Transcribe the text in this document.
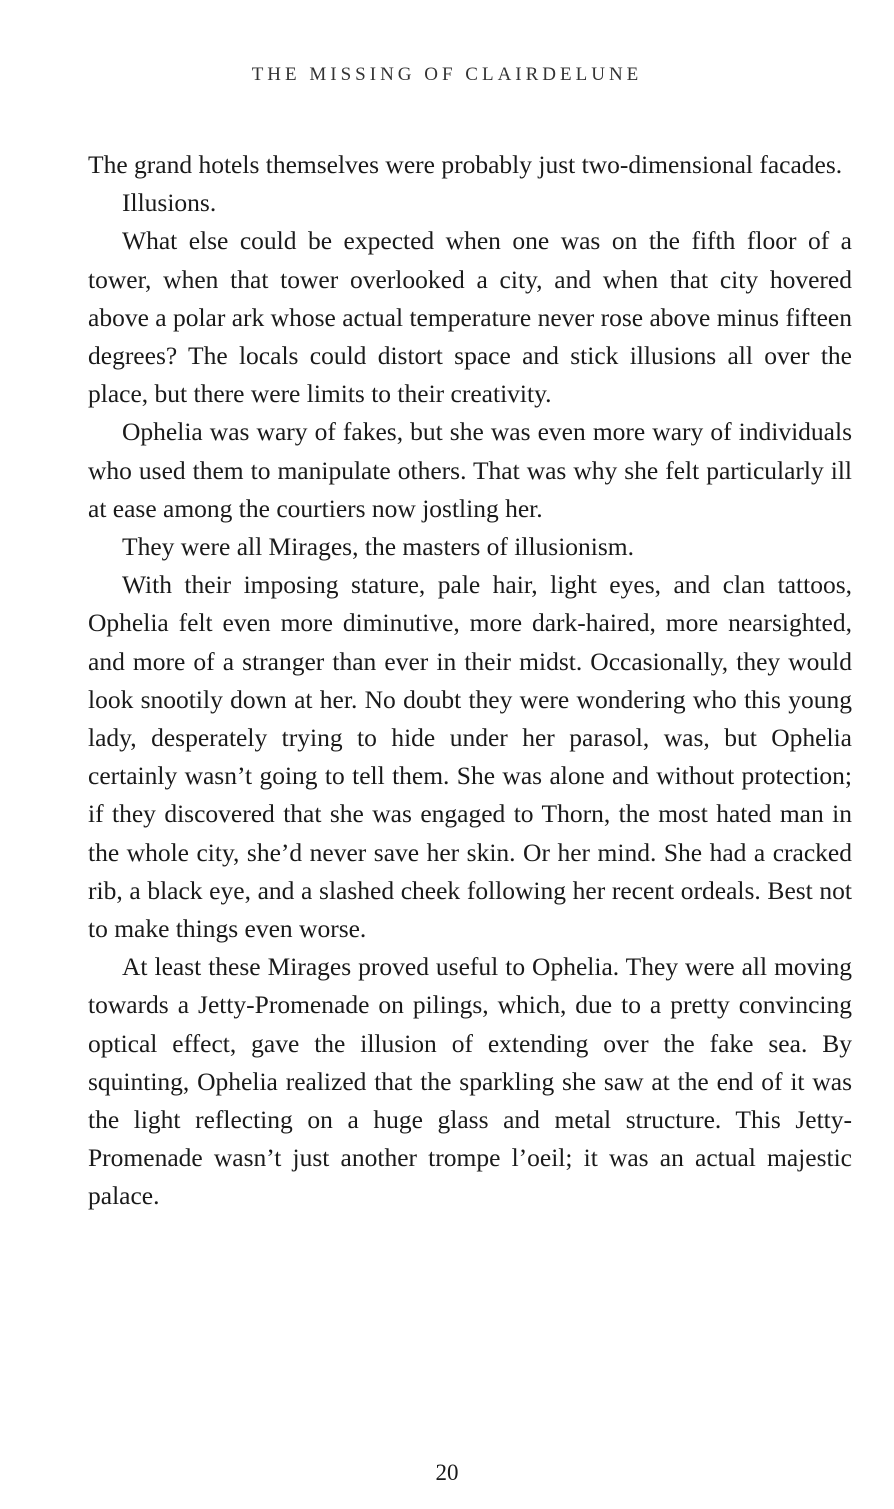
THE MISSING OF CLAIRDELUNE

The grand hotels themselves were probably just two-dimensional facades.

Illusions.

What else could be expected when one was on the fifth floor of a tower, when that tower overlooked a city, and when that city hovered above a polar ark whose actual temperature never rose above minus fifteen degrees? The locals could distort space and stick illusions all over the place, but there were limits to their creativity.

Ophelia was wary of fakes, but she was even more wary of individuals who used them to manipulate others. That was why she felt particularly ill at ease among the courtiers now jostling her.

They were all Mirages, the masters of illusionism.

With their imposing stature, pale hair, light eyes, and clan tattoos, Ophelia felt even more diminutive, more dark-haired, more nearsighted, and more of a stranger than ever in their midst. Occasionally, they would look snootily down at her. No doubt they were wondering who this young lady, desperately trying to hide under her parasol, was, but Ophelia certainly wasn’t going to tell them. She was alone and without protection; if they discovered that she was engaged to Thorn, the most hated man in the whole city, she’d never save her skin. Or her mind. She had a cracked rib, a black eye, and a slashed cheek following her recent ordeals. Best not to make things even worse.

At least these Mirages proved useful to Ophelia. They were all moving towards a Jetty-Promenade on pilings, which, due to a pretty convincing optical effect, gave the illusion of extending over the fake sea. By squinting, Ophelia realized that the sparkling she saw at the end of it was the light reflecting on a huge glass and metal structure. This Jetty-Promenade wasn’t just another trompe l’oeil; it was an actual majestic palace.

20
